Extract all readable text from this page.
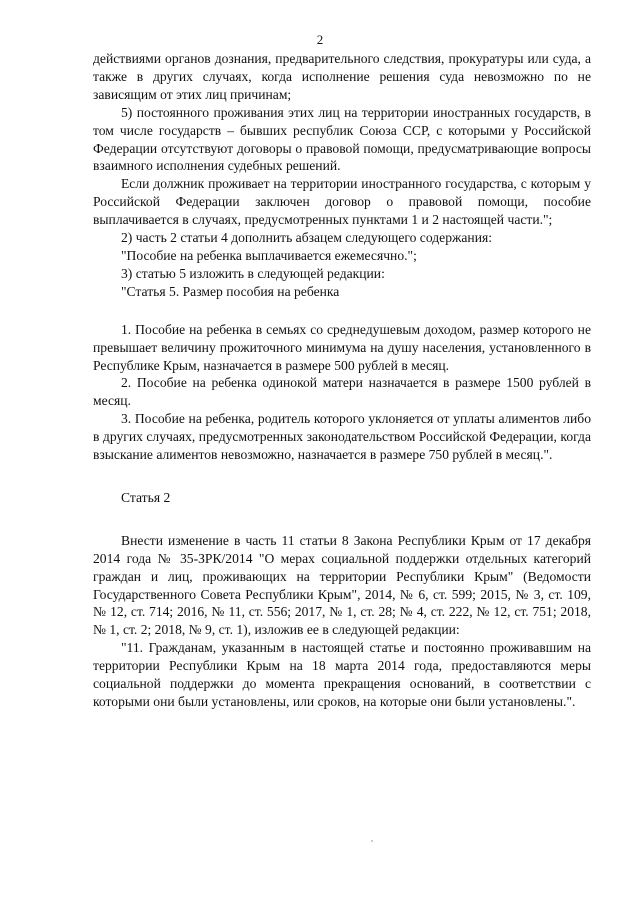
2

действиями органов дознания, предварительного следствия, прокуратуры или суда, а также в других случаях, когда исполнение решения суда невозможно по не зависящим от этих лиц причинам;

5) постоянного проживания этих лиц на территории иностранных государств, в том числе государств – бывших республик Союза ССР, с которыми у Российской Федерации отсутствуют договоры о правовой помощи, предусматривающие вопросы взаимного исполнения судебных решений.

Если должник проживает на территории иностранного государства, с которым у Российской Федерации заключен договор о правовой помощи, пособие выплачивается в случаях, предусмотренных пунктами 1 и 2 настоящей части.";

2) часть 2 статьи 4 дополнить абзацем следующего содержания:

"Пособие на ребенка выплачивается ежемесячно.";

3) статью 5 изложить в следующей редакции:

"Статья 5. Размер пособия на ребенка

1. Пособие на ребенка в семьях со среднедушевым доходом, размер которого не превышает величину прожиточного минимума на душу населения, установленного в Республике Крым, назначается в размере 500 рублей в месяц.

2. Пособие на ребенка одинокой матери назначается в размере 1500 рублей в месяц.

3. Пособие на ребенка, родитель которого уклоняется от уплаты алиментов либо в других случаях, предусмотренных законодательством Российской Федерации, когда взыскание алиментов невозможно, назначается в размере 750 рублей в месяц.".

Статья 2

Внести изменение в часть 11 статьи 8 Закона Республики Крым от 17 декабря 2014 года № 35-ЗРК/2014 "О мерах социальной поддержки отдельных категорий граждан и лиц, проживающих на территории Республики Крым" (Ведомости Государственного Совета Республики Крым", 2014, № 6, ст. 599; 2015, № 3, ст. 109, № 12, ст. 714; 2016, № 11, ст. 556; 2017, № 1, ст. 28; № 4, ст. 222, № 12, ст. 751; 2018, № 1, ст. 2; 2018, № 9, ст. 1), изложив ее в следующей редакции:

"11. Гражданам, указанным в настоящей статье и постоянно проживавшим на территории Республики Крым на 18 марта 2014 года, предоставляются меры социальной поддержки до момента прекращения оснований, в соответствии с которыми они были установлены, или сроков, на которые они были установлены.".
